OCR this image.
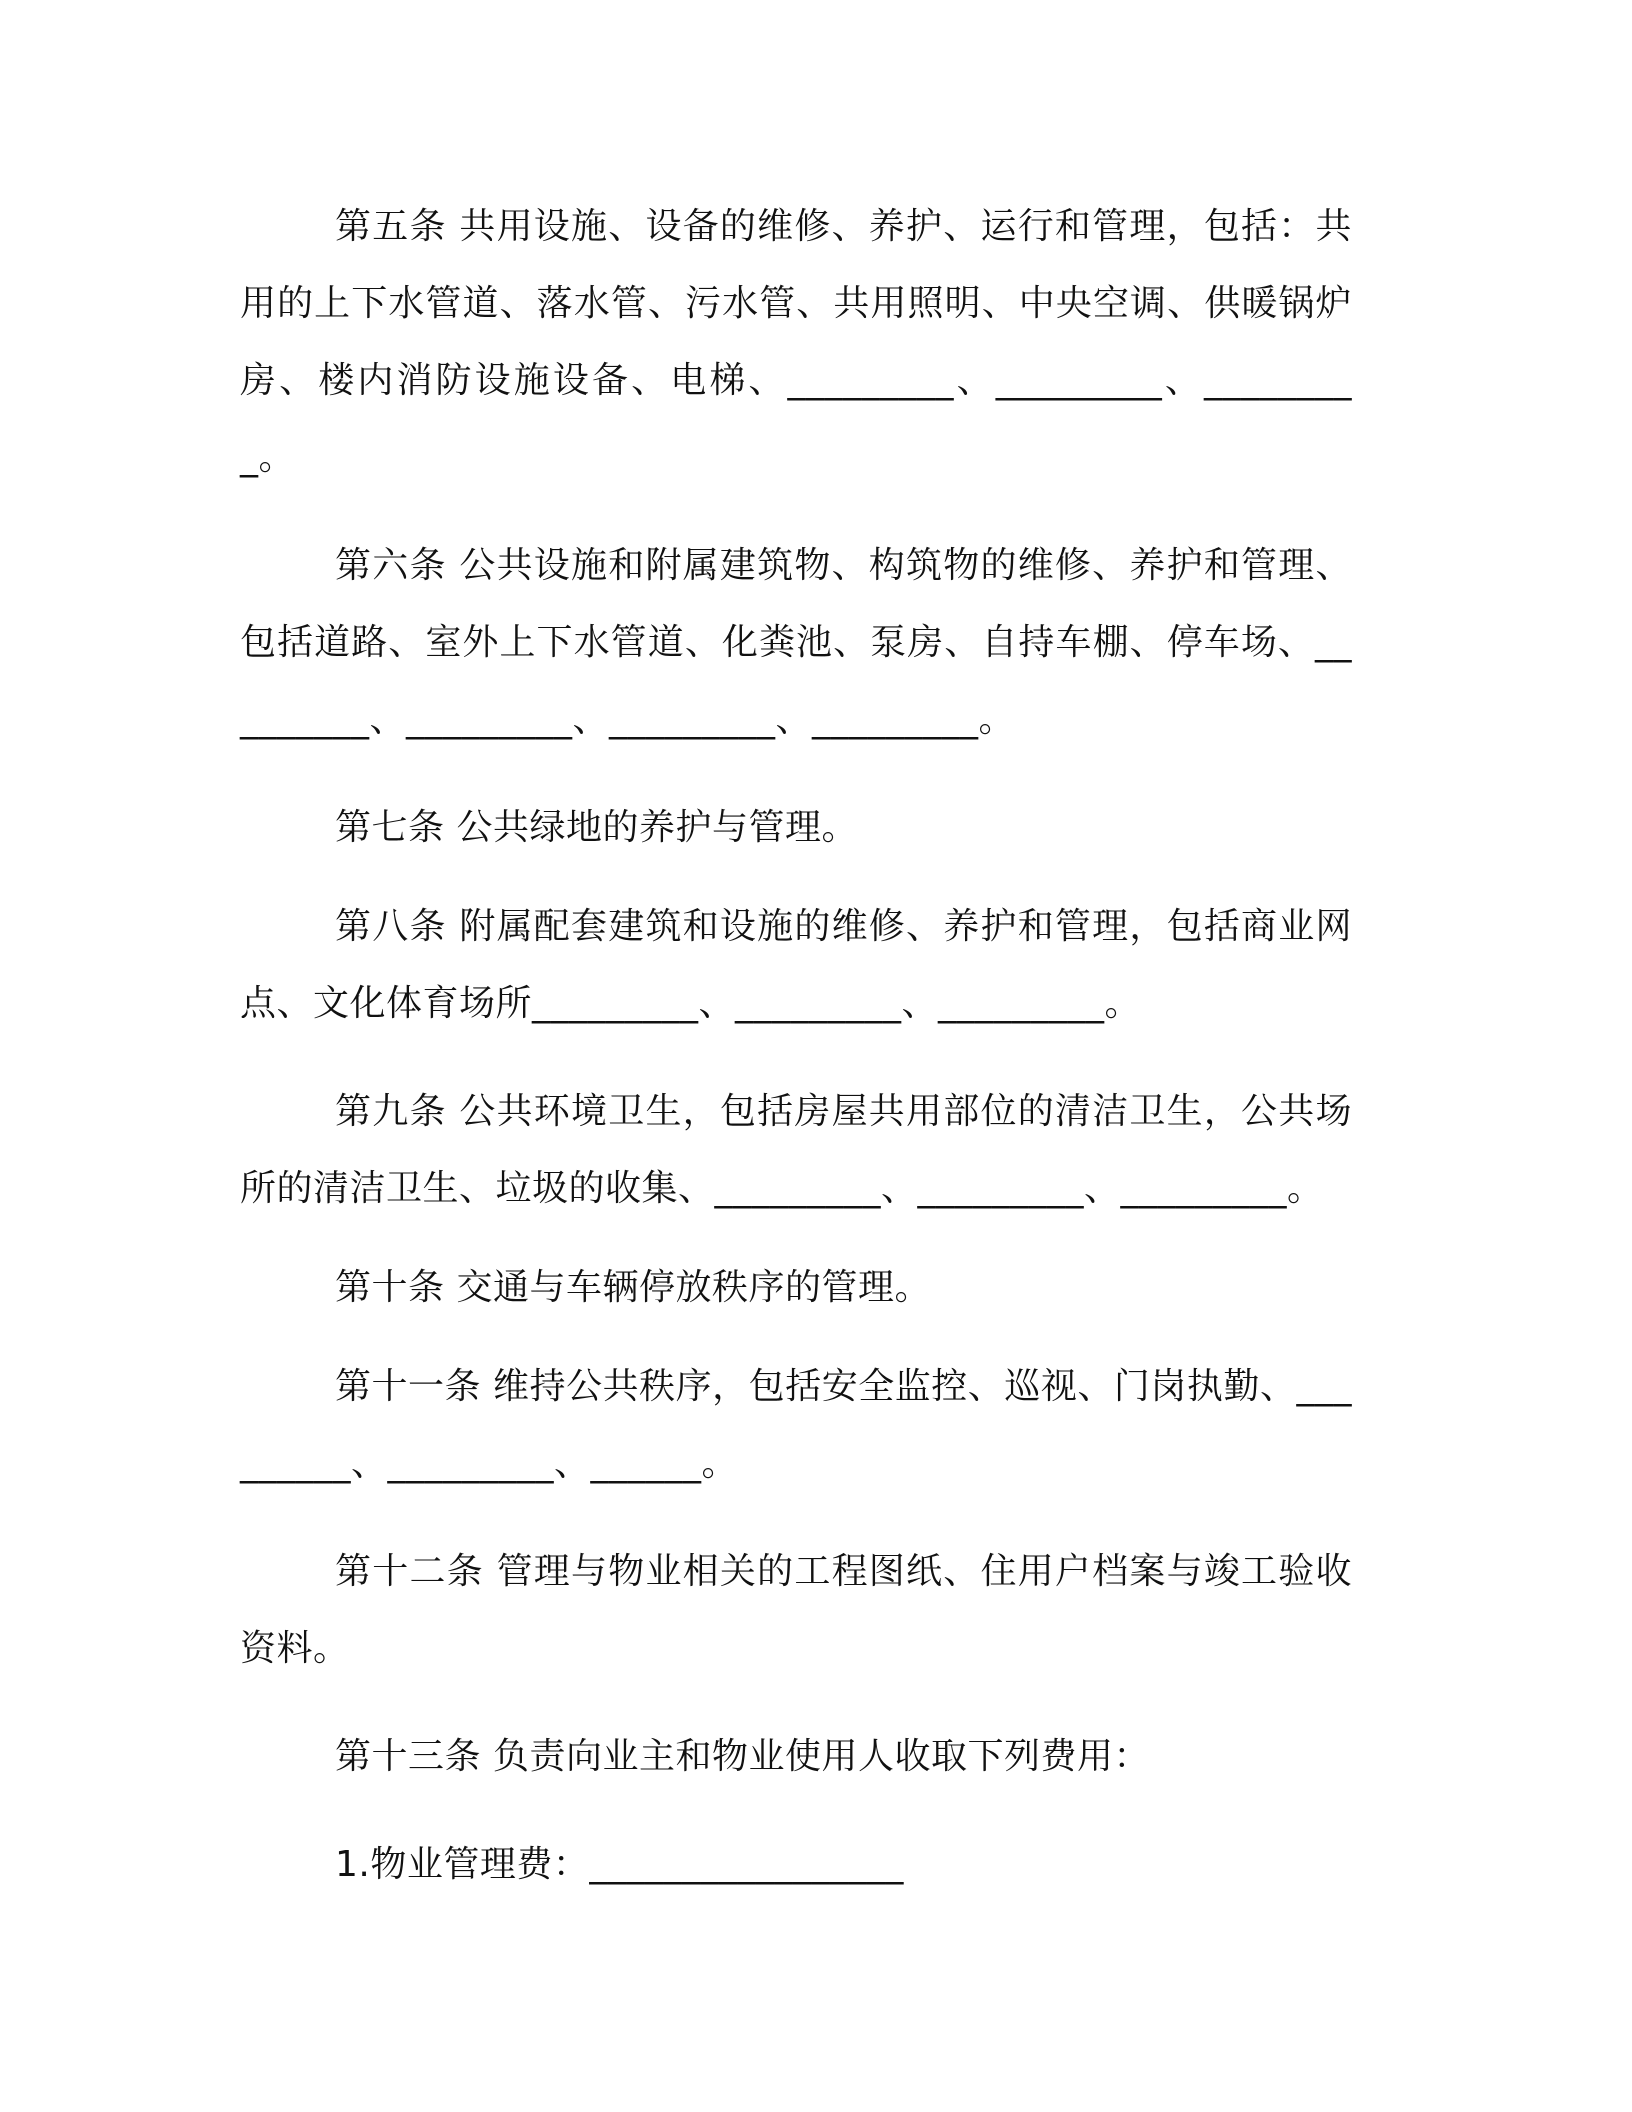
第五条 共用设施、设备的维修、养护、运行和管理，包括：共用的上下水管道、落水管、污水管、共用照明、中央空调、供暖锅炉房、楼内消防设施设备、电梯、_________、_________、_________。

第六条 公共设施和附属建筑物、构筑物的维修、养护和管理、包括道路、室外上下水管道、化粪池、泵房、自持车棚、停车场、_________、_________、_________、_________。

第七条 公共绿地的养护与管理。

第八条 附属配套建筑和设施的维修、养护和管理，包括商业网点、文化体育场所_________、_________、_________。

第九条 公共环境卫生，包括房屋共用部位的清洁卫生，公共场所的清洁卫生、垃圾的收集、_________、_________、_________。

第十条 交通与车辆停放秩序的管理。

第十一条 维持公共秩序，包括安全监控、巡视、门岗执勤、_________、_________、______。

第十二条 管理与物业相关的工程图纸、住用户档案与竣工验收资料。

第十三条 负责向业主和物业使用人收取下列费用：

1.物业管理费：_________________
